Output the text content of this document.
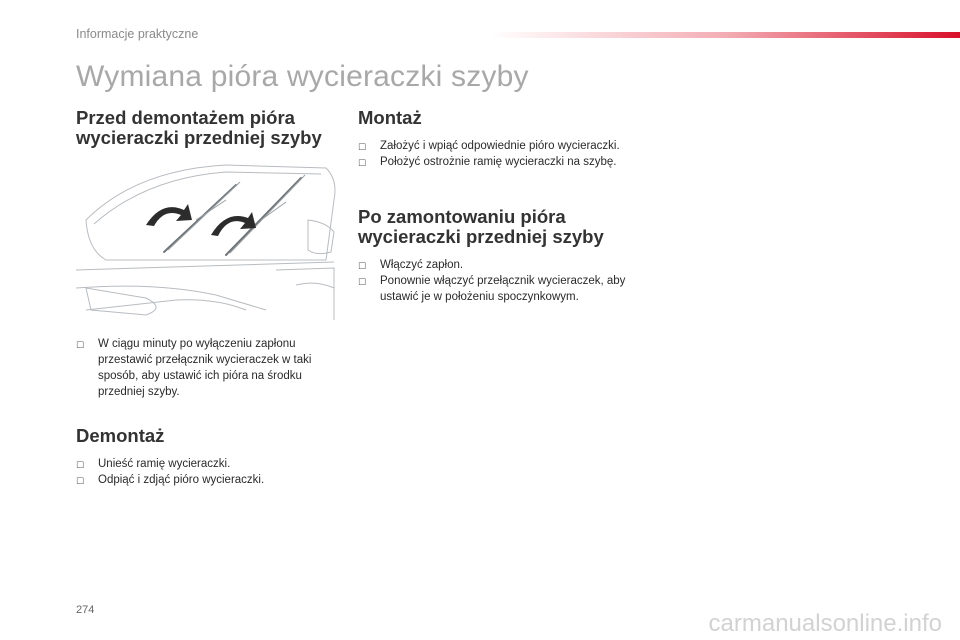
Informacje praktyczne
Wymiana pióra wycieraczki szyby
Przed demontażem pióra wycieraczki przedniej szyby
☐ W ciągu minuty po wyłączeniu zapłonu przestawić przełącznik wycieraczek w taki sposób, aby ustawić ich pióra na środku przedniej szyby.
Demontaż
☐ Unieść ramię wycieraczki.
☐ Odpiąć i zdjąć pióro wycieraczki.
Montaż
☐ Założyć i wpiąć odpowiednie pióro wycieraczki.
☐ Położyć ostrożnie ramię wycieraczki na szybę.
Po zamontowaniu pióra wycieraczki przedniej szyby
☐ Włączyć zapłon.
☐ Ponownie włączyć przełącznik wycieraczek, aby ustawić je w położeniu spoczynkowym.
274	carmanualsonline.info
